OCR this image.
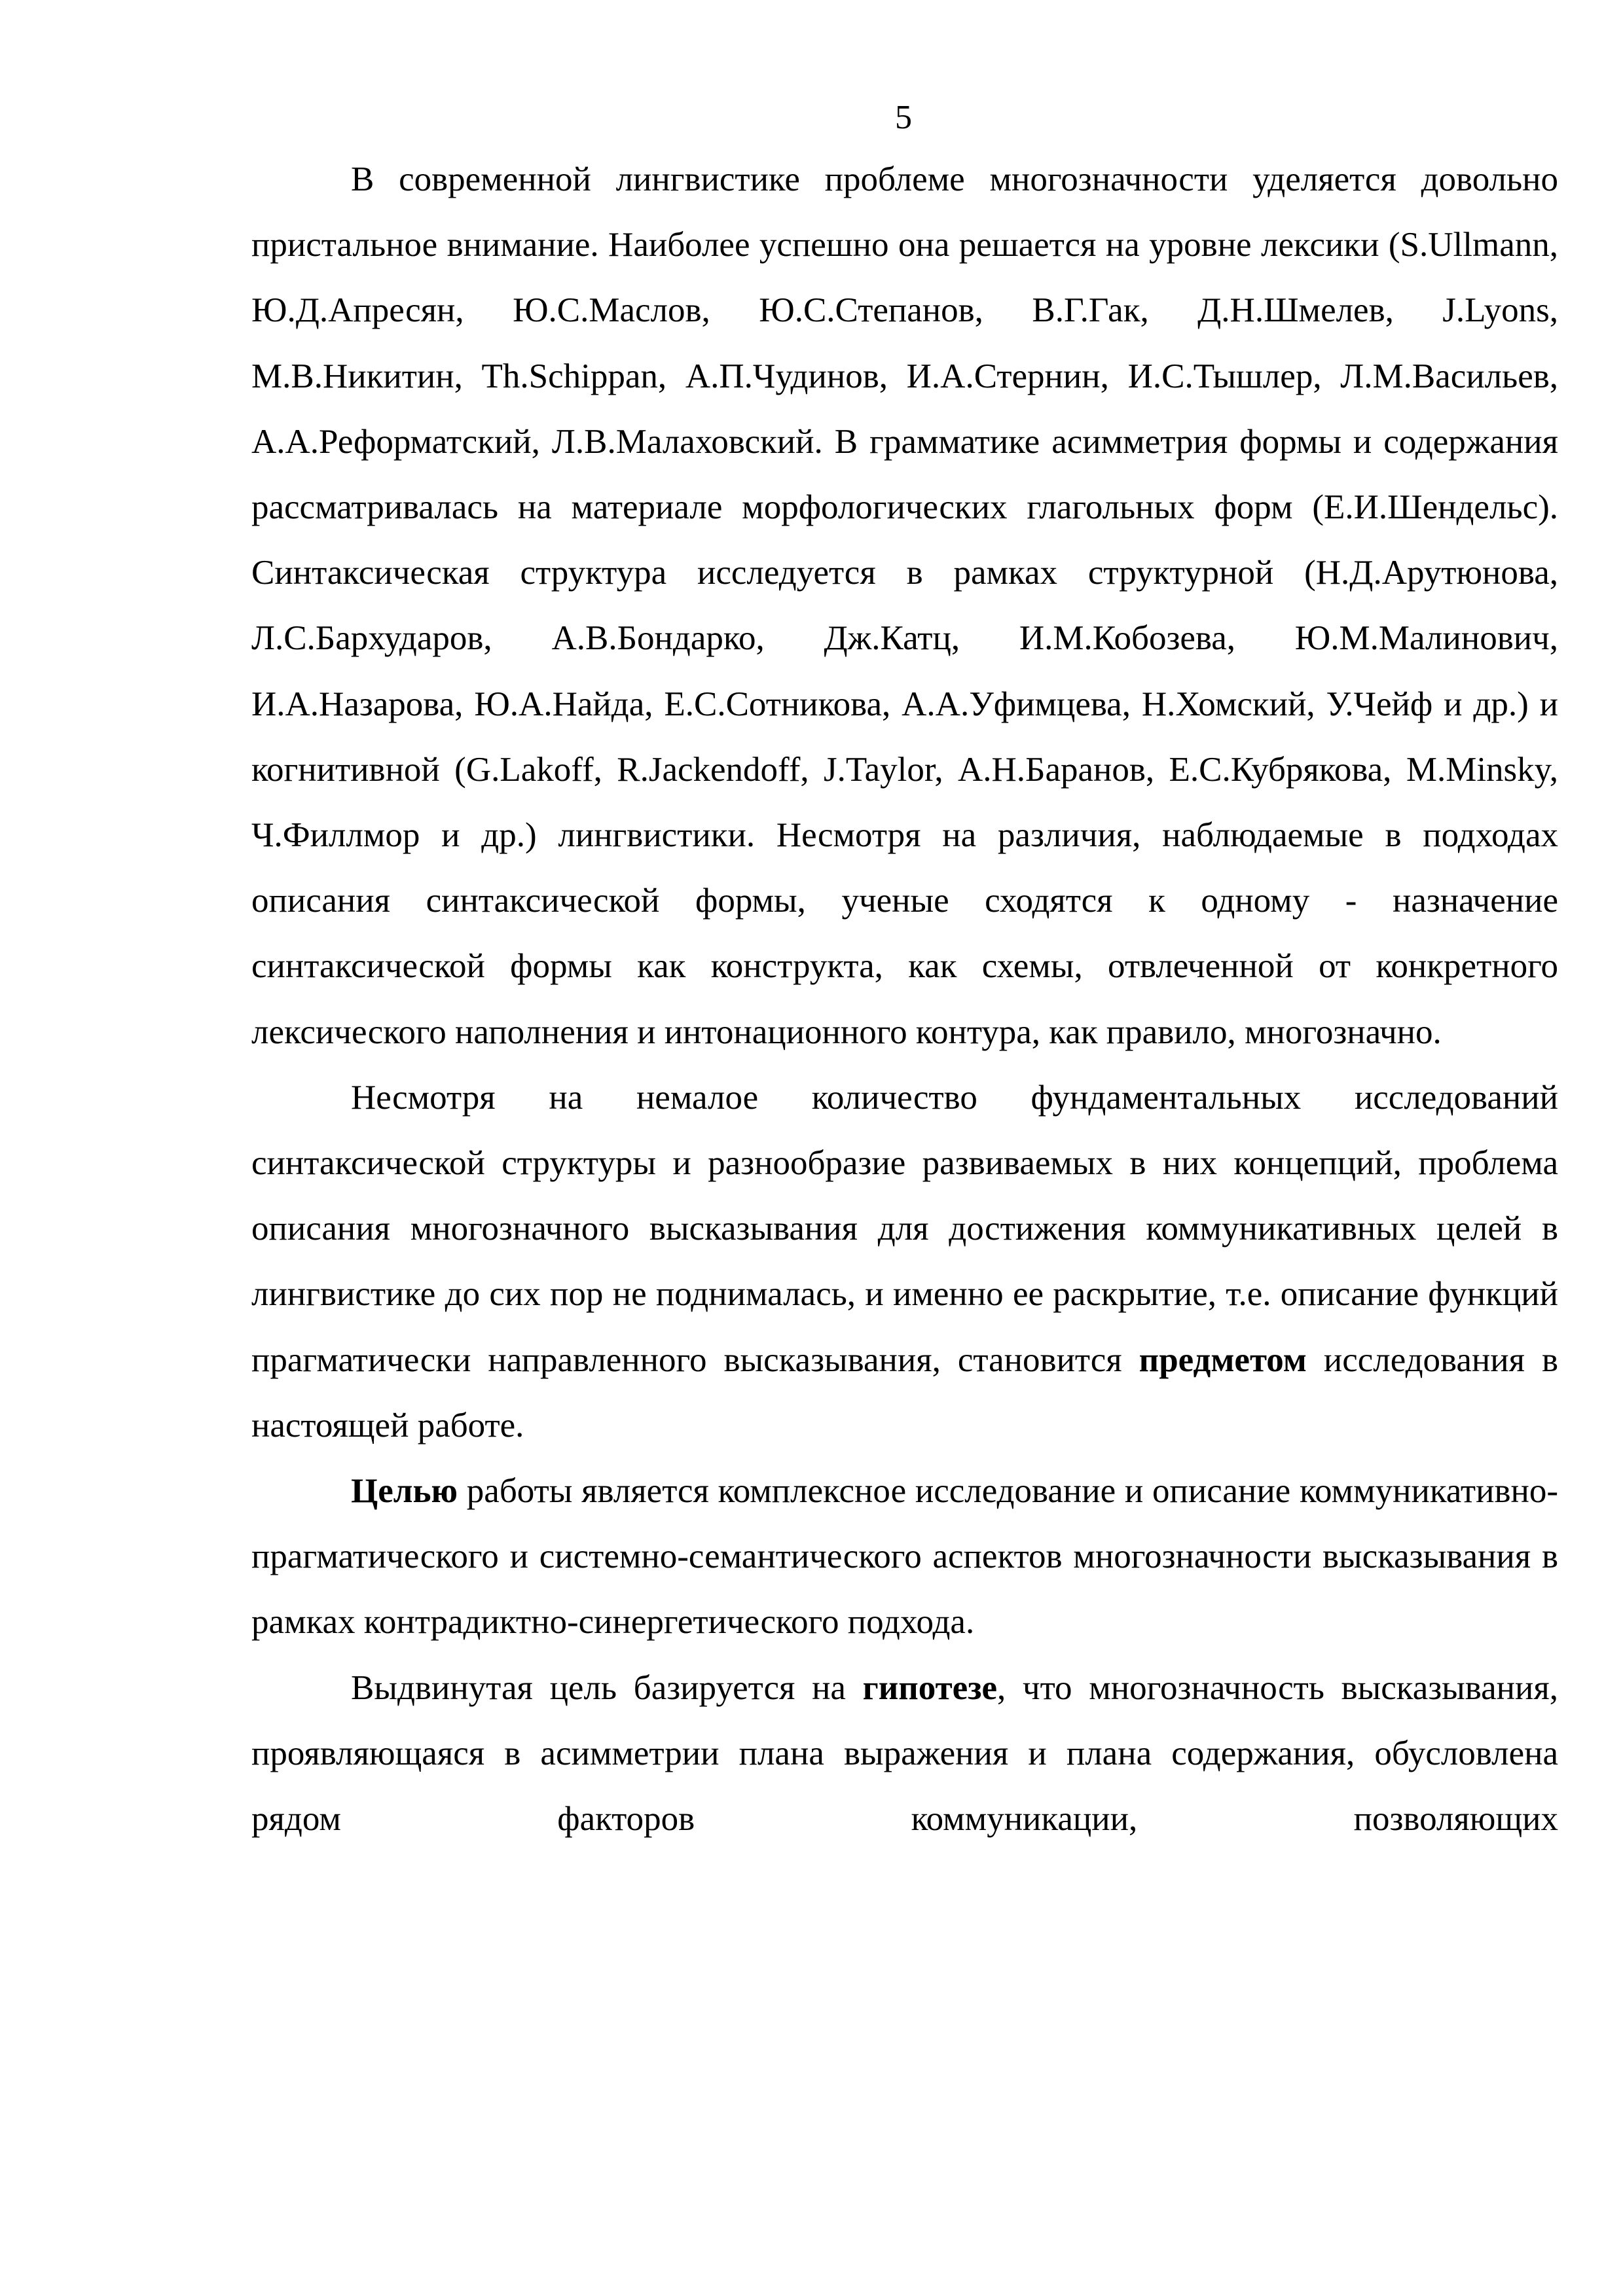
5

В современной лингвистике проблеме многозначности уделяется довольно пристальное внимание. Наиболее успешно она решается на уровне лексики (S.Ullmann, Ю.Д.Апресян, Ю.С.Маслов, Ю.С.Степанов, В.Г.Гак, Д.Н.Шмелев, J.Lyons, М.В.Никитин, Th.Schippan, А.П.Чудинов, И.А.Стернин, И.С.Тышлер, Л.М.Васильев, А.А.Реформатский, Л.В.Малаховский. В грамматике асимметрия формы и содержания рассматривалась на материале морфологических глагольных форм (Е.И.Шендельс). Синтаксическая структура исследуется в рамках структурной (Н.Д.Арутюнова, Л.С.Бархударов, А.В.Бондарко, Дж.Катц, И.М.Кобозева, Ю.М.Малинович, И.А.Назарова, Ю.А.Найда, Е.С.Сотникова, А.А.Уфимцева, Н.Хомский, У.Чейф и др.) и когнитивной (G.Lakoff, R.Jackendoff, J.Taylor, А.Н.Баранов, Е.С.Кубрякова, M.Minsky, Ч.Филлмор и др.) лингвистики. Несмотря на различия, наблюдаемые в подходах описания синтаксической формы, ученые сходятся к одному - назначение синтаксической формы как конструкта, как схемы, отвлеченной от конкретного лексического наполнения и интонационного контура, как правило, многозначно.

Несмотря на немалое количество фундаментальных исследований синтаксической структуры и разнообразие развиваемых в них концепций, проблема описания многозначного высказывания для достижения коммуникативных целей в лингвистике до сих пор не поднималась, и именно ее раскрытие, т.е. описание функций прагматически направленного высказывания, становится предметом исследования в настоящей работе.

Целью работы является комплексное исследование и описание коммуникативно-прагматического и системно-семантического аспектов многозначности высказывания в рамках контрадиктно-синергетического подхода.

Выдвинутая цель базируется на гипотезе, что многозначность высказывания, проявляющаяся в асимметрии плана выражения и плана содержания, обусловлена рядом факторов коммуникации, позволяющих
